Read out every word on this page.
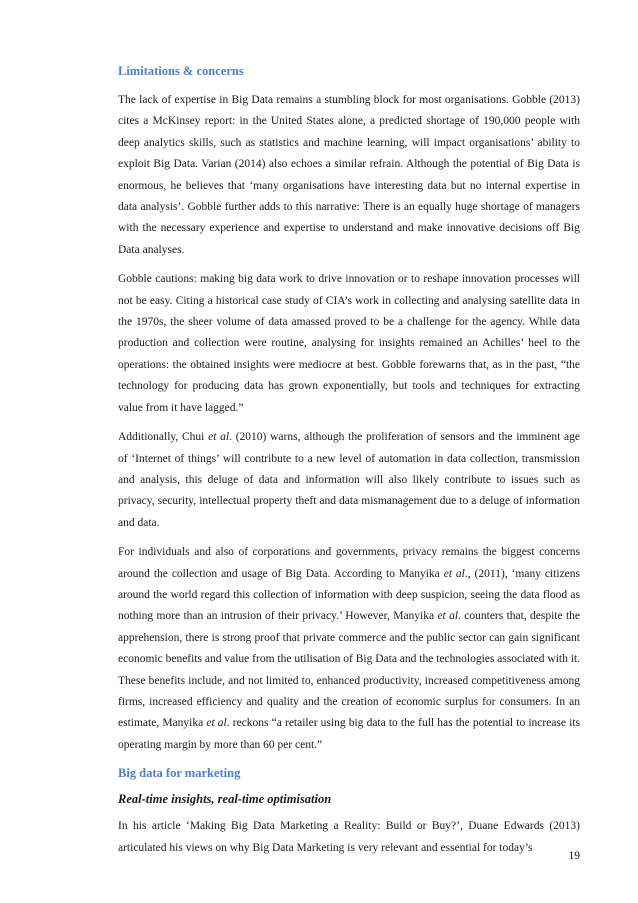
Limitations & concerns

The lack of expertise in Big Data remains a stumbling block for most organisations. Gobble (2013) cites a McKinsey report: in the United States alone, a predicted shortage of 190,000 people with deep analytics skills, such as statistics and machine learning, will impact organisations’ ability to exploit Big Data. Varian (2014) also echoes a similar refrain. Although the potential of Big Data is enormous, he believes that ‘many organisations have interesting data but no internal expertise in data analysis’. Gobble further adds to this narrative: There is an equally huge shortage of managers with the necessary experience and expertise to understand and make innovative decisions off Big Data analyses.

Gobble cautions: making big data work to drive innovation or to reshape innovation processes will not be easy. Citing a historical case study of CIA’s work in collecting and analysing satellite data in the 1970s, the sheer volume of data amassed proved to be a challenge for the agency. While data production and collection were routine, analysing for insights remained an Achilles’ heel to the operations: the obtained insights were mediocre at best. Gobble forewarns that, as in the past, “the technology for producing data has grown exponentially, but tools and techniques for extracting value from it have lagged.”

Additionally, Chui et al. (2010) warns, although the proliferation of sensors and the imminent age of ‘Internet of things’ will contribute to a new level of automation in data collection, transmission and analysis, this deluge of data and information will also likely contribute to issues such as privacy, security, intellectual property theft and data mismanagement due to a deluge of information and data.

For individuals and also of corporations and governments, privacy remains the biggest concerns around the collection and usage of Big Data. According to Manyika et al., (2011), ‘many citizens around the world regard this collection of information with deep suspicion, seeing the data flood as nothing more than an intrusion of their privacy.’ However, Manyika et al. counters that, despite the apprehension, there is strong proof that private commerce and the public sector can gain significant economic benefits and value from the utilisation of Big Data and the technologies associated with it. These benefits include, and not limited to, enhanced productivity, increased competitiveness among firms, increased efficiency and quality and the creation of economic surplus for consumers. In an estimate, Manyika et al. reckons “a retailer using big data to the full has the potential to increase its operating margin by more than 60 per cent.”

Big data for marketing
Real-time insights, real-time optimisation

In his article ‘Making Big Data Marketing a Reality: Build or Buy?’, Duane Edwards (2013) articulated his views on why Big Data Marketing is very relevant and essential for today’s

19
